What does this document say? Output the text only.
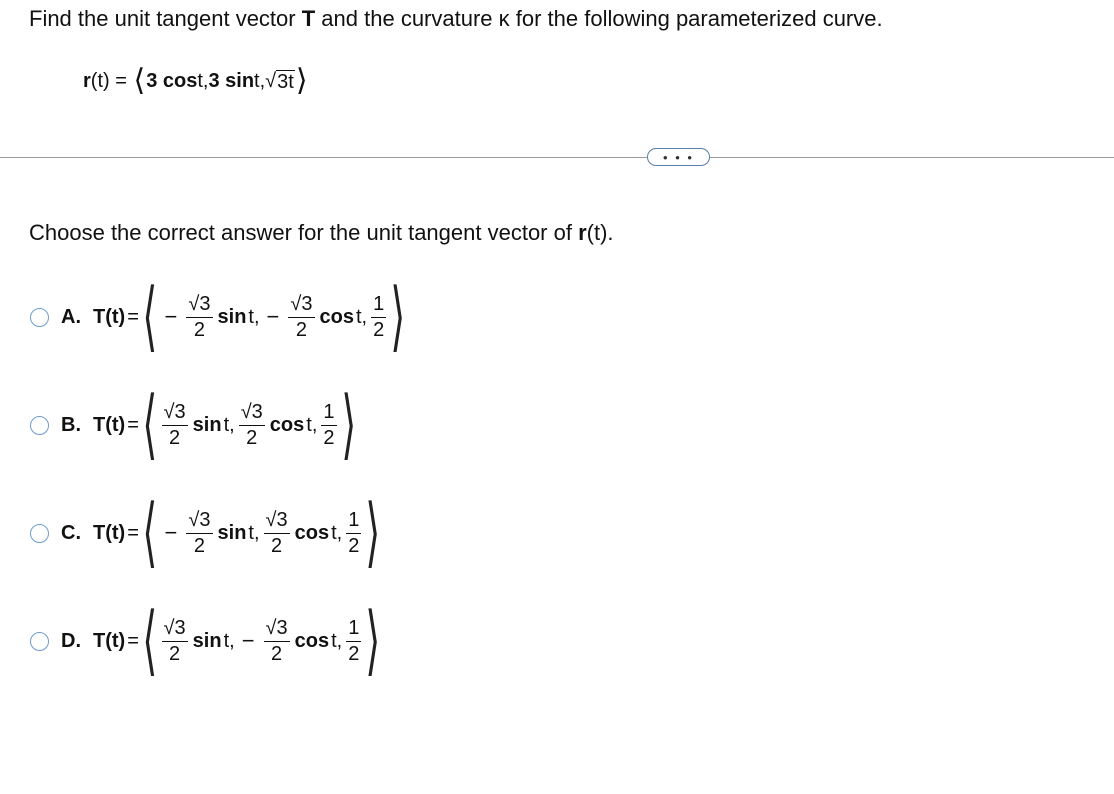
Find the unit tangent vector T and the curvature κ for the following parameterized curve.
r (t) = ⟨ 3 cos t, 3 sin t, √ 3t ⟩
• • •
Choose the correct answer for the unit tangent vector of r(t).
A. T(t) = ⟨ − $\frac{√3}{2}$ sin t, − $\frac{√3}{2}$ cos t, $\frac{1}{2}$ ⟩
B. T(t) = ⟨ $\frac{√3}{2}$ sin t, $\frac{√3}{2}$ cos t, $\frac{1}{2}$ ⟩
C. T(t) = ⟨ − $\frac{√3}{2}$ sin t, $\frac{√3}{2}$ cos t, $\frac{1}{2}$ ⟩
D. T(t) = ⟨ $\frac{√3}{2}$ sin t, − $\frac{√3}{2}$ cos t, $\frac{1}{2}$ ⟩
